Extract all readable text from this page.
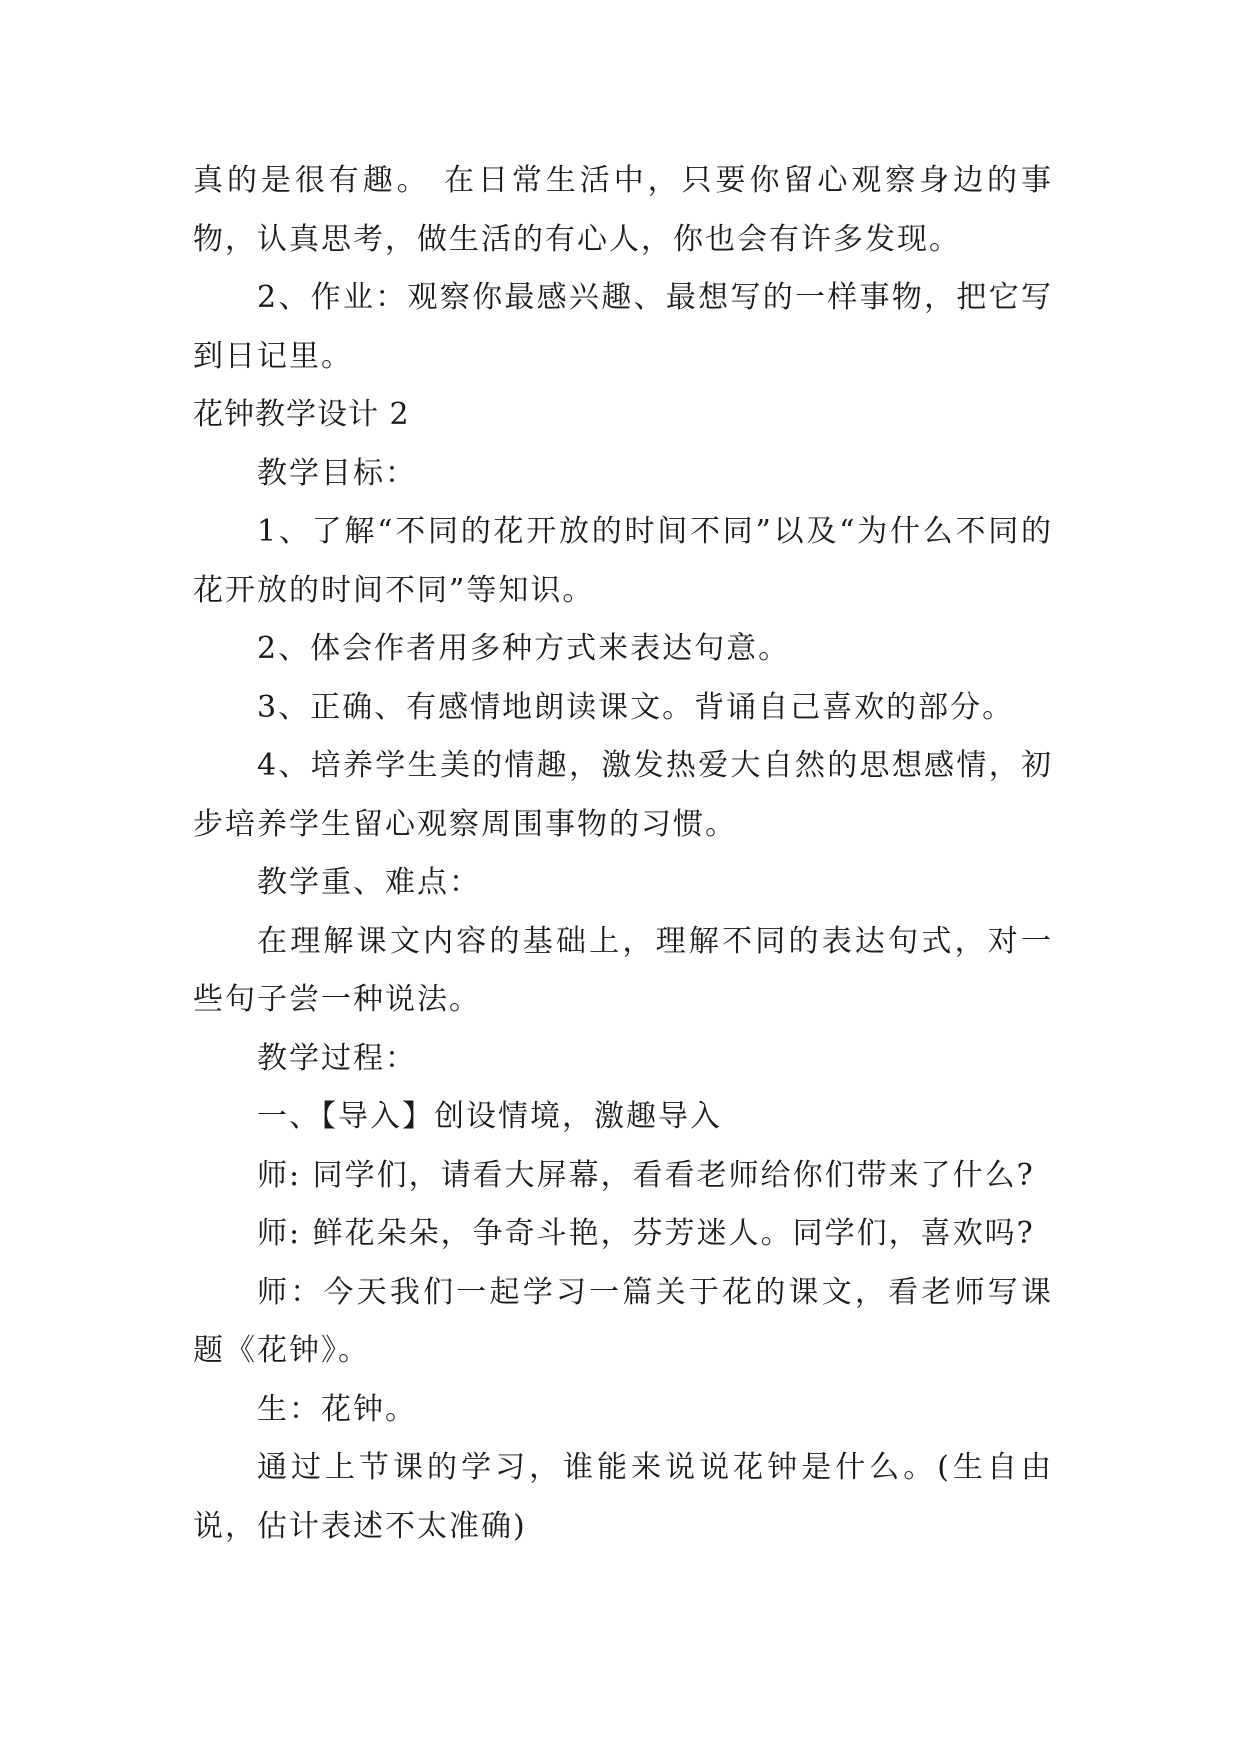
真的是很有趣。 在日常生活中，只要你留心观察身边的事物，认真思考，做生活的有心人，你也会有许多发现。

2、作业：观察你最感兴趣、最想写的一样事物，把它写到日记里。

花钟教学设计 2

教学目标：

1、了解“不同的花开放的时间不同”以及“为什么不同的花开放的时间不同”等知识。

2、体会作者用多种方式来表达句意。

3、正确、有感情地朗读课文。背诵自己喜欢的部分。

4、培养学生美的情趣，激发热爱大自然的思想感情，初步培养学生留心观察周围事物的习惯。

教学重、难点：

在理解课文内容的基础上，理解不同的表达句式，对一些句子尝一种说法。

教学过程：

一、【导入】创设情境，激趣导入

师: 同学们，请看大屏幕，看看老师给你们带来了什么?

师: 鲜花朵朵，争奇斗艳，芬芳迷人。同学们，喜欢吗?

师：今天我们一起学习一篇关于花的课文，看老师写课题《花钟》。

生：花钟。

通过上节课的学习，谁能来说说花钟是什么。(生自由说，估计表述不太准确)
